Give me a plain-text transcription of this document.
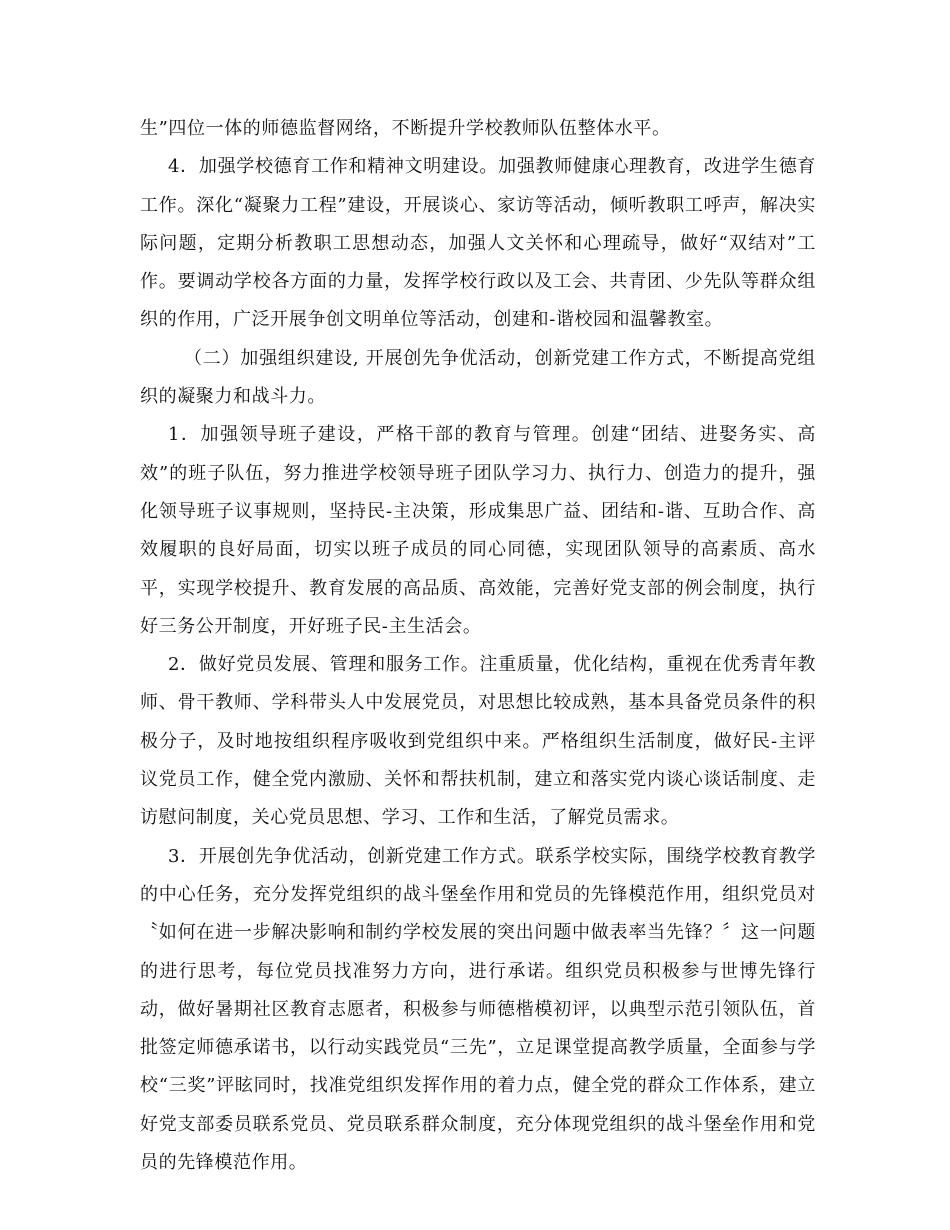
生”四位一体的师德监督网络，不断提升学校教师队伍整体水平。

4．加强学校德育工作和精神文明建设。加强教师健康心理教育，改进学生德育工作。深化“凝聚力工程”建设，开展谈心、家访等活动，倾听教职工呼声，解决实际问题，定期分析教职工思想动态，加强人文关怀和心理疏导，做好“双结对”工作。要调动学校各方面的力量，发挥学校行政以及工会、共青团、少先队等群众组织的作用，广泛开展争创文明单位等活动，创建和-谐校园和温馨教室。

（二）加强组织建设, 开展创先争优活动，创新党建工作方式，不断提高党组织的凝聚力和战斗力。

1．加强领导班子建设，严格干部的教育与管理。创建“团结、进娶务实、高效”的班子队伍，努力推进学校领导班子团队学习力、执行力、创造力的提升，强化领导班子议事规则，坚持民-主决策，形成集思广益、团结和-谐、互助合作、高效履职的良好局面，切实以班子成员的同心同德，实现团队领导的高素质、高水平，实现学校提升、教育发展的高品质、高效能，完善好党支部的例会制度，执行好三务公开制度，开好班子民-主生活会。

2．做好党员发展、管理和服务工作。注重质量，优化结构，重视在优秀青年教师、骨干教师、学科带头人中发展党员，对思想比较成熟，基本具备党员条件的积极分子，及时地按组织程序吸收到党组织中来。严格组织生活制度，做好民-主评议党员工作，健全党内激励、关怀和帮扶机制，建立和落实党内谈心谈话制度、走访慰问制度，关心党员思想、学习、工作和生活，了解党员需求。

3．开展创先争优活动，创新党建工作方式。联系学校实际，围绕学校教育教学的中心任务，充分发挥党组织的战斗堡垒作用和党员的先锋模范作用，组织党员对〝如何在进一步解决影响和制约学校发展的突出问题中做表率当先锋？〞这一问题的进行思考，每位党员找准努力方向，进行承诺。组织党员积极参与世博先锋行动，做好暑期社区教育志愿者，积极参与师德楷模初评，以典型示范引领队伍，首批签定师德承诺书，以行动实践党员“三先”，立足课堂提高教学质量，全面参与学校“三奖”评眩同时，找准党组织发挥作用的着力点，健全党的群众工作体系，建立好党支部委员联系党员、党员联系群众制度，充分体现党组织的战斗堡垒作用和党员的先锋模范作用。
